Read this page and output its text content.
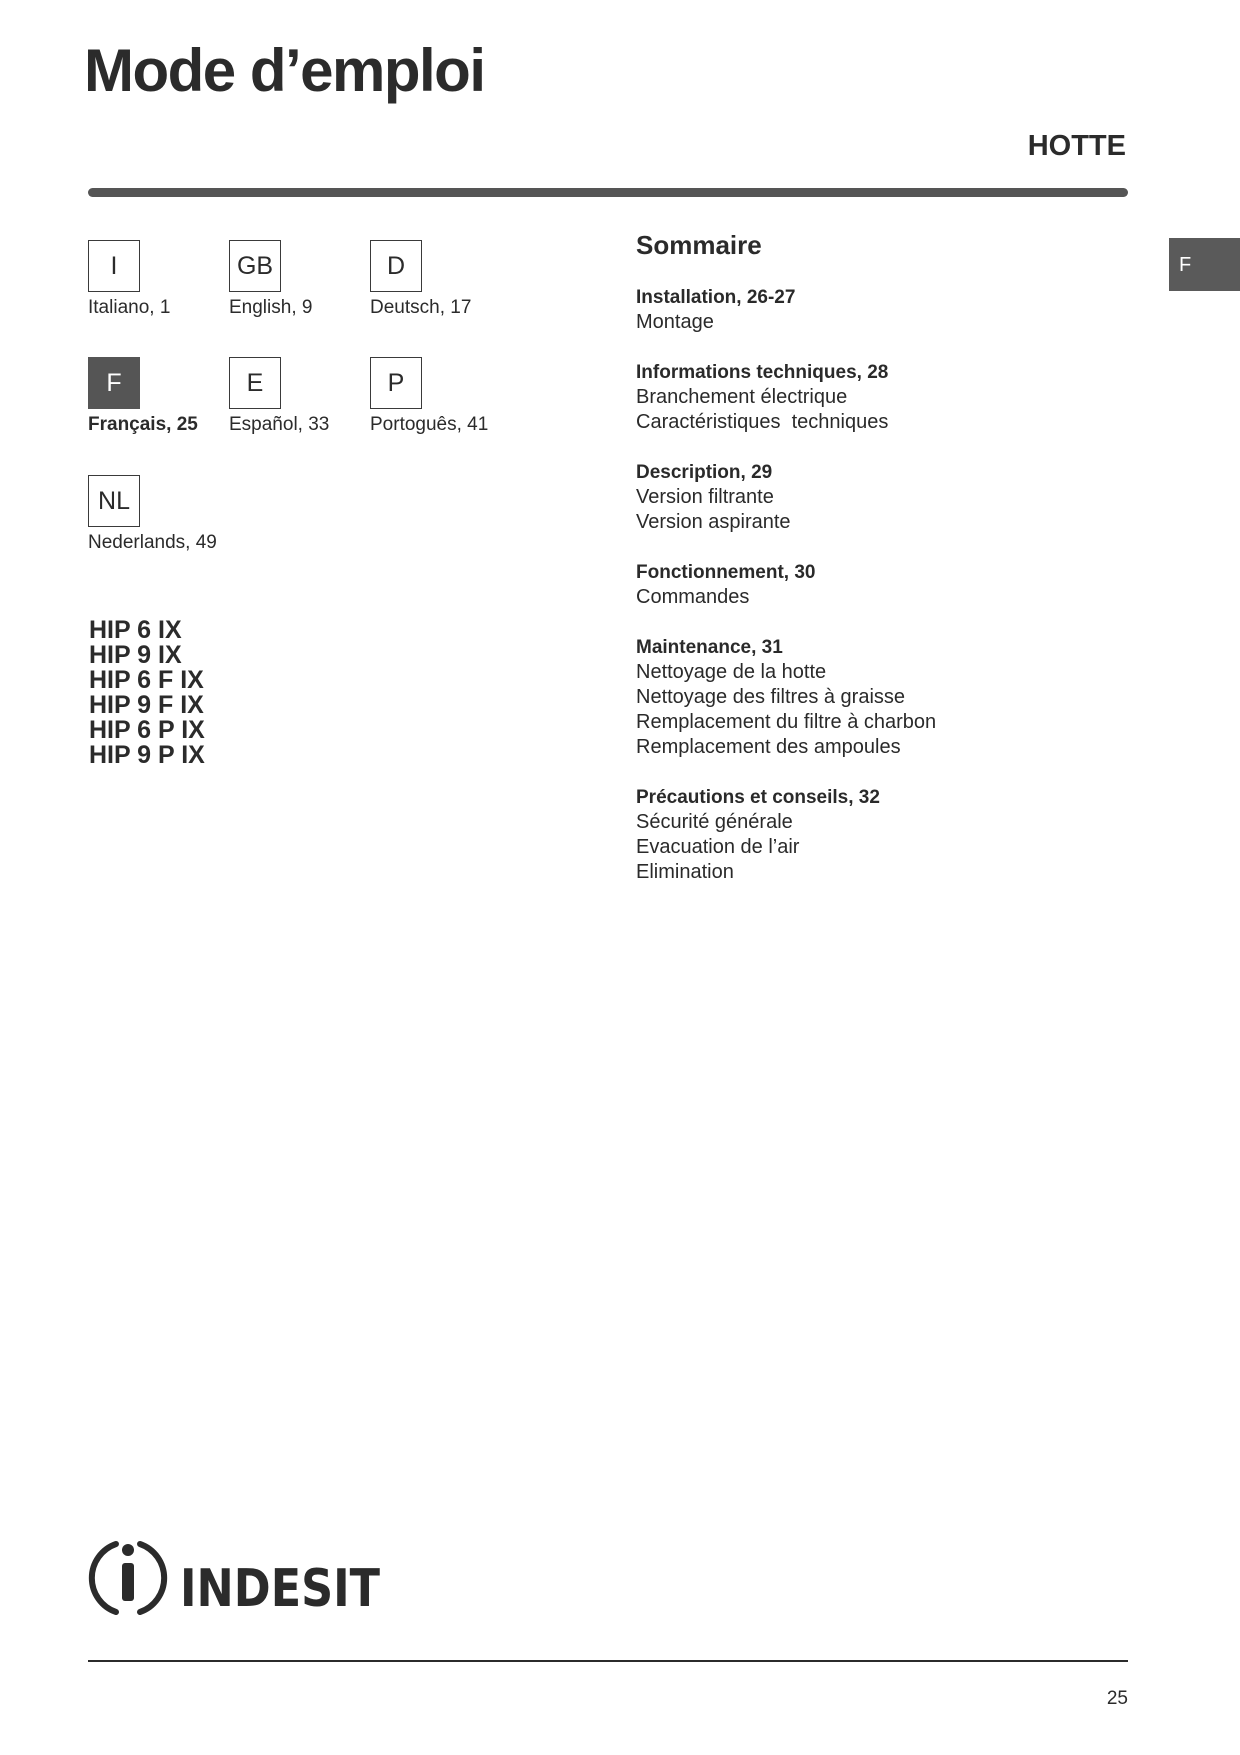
Mode d’emploi
HOTTE
F
I
Italiano, 1
GB
English, 9
D
Deutsch, 17
F
Français, 25
E
Español, 33
P
Portoguês, 41
NL
Nederlands, 49
HIP 6 IX
HIP 9 IX
HIP 6 F IX
HIP 9 F IX
HIP 6 P IX
HIP 9 P IX
Sommaire
Installation, 26-27
Montage
Informations techniques, 28
Branchement électrique
Caractéristiques  techniques
Description, 29
Version filtrante
Version aspirante
Fonctionnement, 30
Commandes
Maintenance, 31
Nettoyage de la hotte
Nettoyage des filtres à graisse
Remplacement du filtre à charbon
Remplacement des ampoules
Précautions et conseils, 32
Sécurité générale
Evacuation de l’air
Elimination
INDESIT
25
